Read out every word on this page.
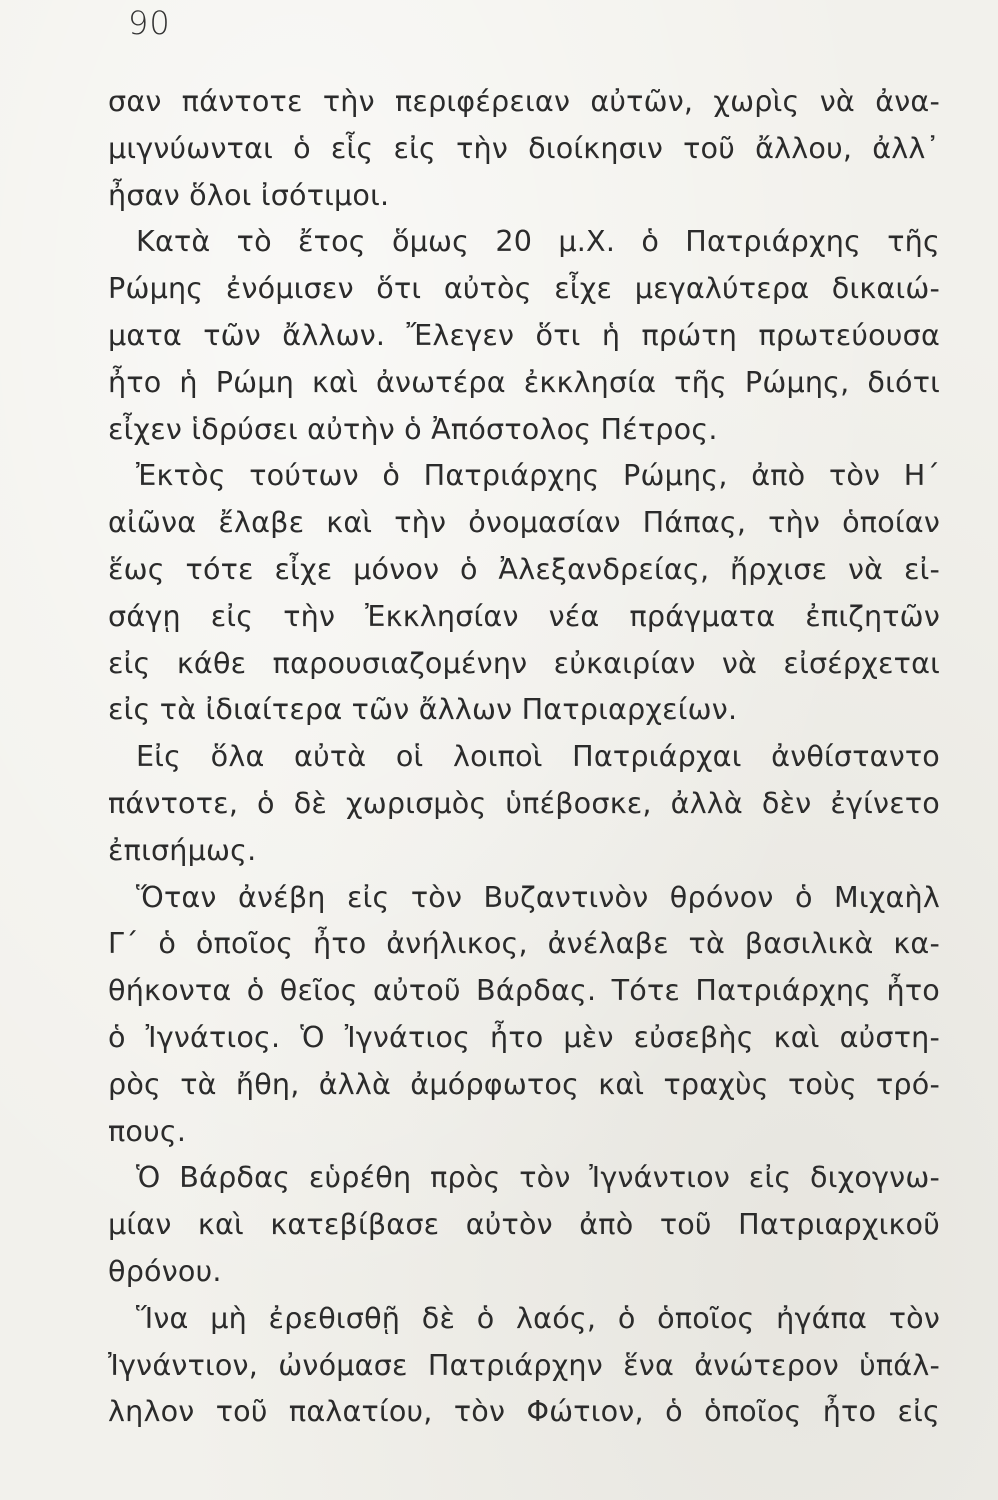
90
σαν πάντοτε τὴν περιφέρειαν αὐτῶν, χωρὶς νὰ ἀνα-
μιγνύωνται ὁ εἷς εἰς τὴν διοίκησιν τοῦ ἄλλου, ἀλλ᾽
ἦσαν ὅλοι ἰσότιμοι.
Κατὰ τὸ ἔτος ὅμως 20 μ.Χ. ὁ Πατριάρχης τῆς
Ρώμης ἐνόμισεν ὅτι αὐτὸς εἶχε μεγαλύτερα δικαιώ-
ματα τῶν ἄλλων. Ἔλεγεν ὅτι ἡ πρώτη πρωτεύουσα
ἦτο ἡ Ρώμη καὶ ἀνωτέρα ἐκκλησία τῆς Ρώμης, διότι
εἶχεν ἱδρύσει αὐτὴν ὁ Ἀπόστολος Πέτρος.
Ἐκτὸς τούτων ὁ Πατριάρχης Ρώμης, ἀπὸ τὸν Η´
αἰῶνα ἔλαβε καὶ τὴν ὀνομασίαν Πάπας, τὴν ὁποίαν
ἕως τότε εἶχε μόνον ὁ Ἀλεξανδρείας, ἤρχισε νὰ εἰ-
σάγῃ εἰς τὴν Ἐκκλησίαν νέα πράγματα ἐπιζητῶν
εἰς κάθε παρουσιαζομένην εὐκαιρίαν νὰ εἰσέρχεται
εἰς τὰ ἰδιαίτερα τῶν ἄλλων Πατριαρχείων.
Εἰς ὅλα αὐτὰ οἱ λοιποὶ Πατριάρχαι ἀνθίσταντο
πάντοτε, ὁ δὲ χωρισμὸς ὑπέβοσκε, ἀλλὰ δὲν ἐγίνετο
ἐπισήμως.
Ὅταν ἀνέβη εἰς τὸν Βυζαντινὸν θρόνον ὁ Μιχαὴλ
Γ´ ὁ ὁποῖος ἦτο ἀνήλικος, ἀνέλαβε τὰ βασιλικὰ κα-
θήκοντα ὁ θεῖος αὐτοῦ Βάρδας. Τότε Πατριάρχης ἦτο
ὁ Ἰγνάτιος. Ὁ Ἰγνάτιος ἦτο μὲν εὐσεβὴς καὶ αὐστη-
ρὸς τὰ ἤθη, ἀλλὰ ἀμόρφωτος καὶ τραχὺς τοὺς τρό-
πους.
Ὁ Βάρδας εὑρέθη πρὸς τὸν Ἰγνάντιον εἰς διχογνω-
μίαν καὶ κατεβίβασε αὐτὸν ἀπὸ τοῦ Πατριαρχικοῦ
θρόνου.
Ἵνα μὴ ἐρεθισθῇ δὲ ὁ λαός, ὁ ὁποῖος ἠγάπα τὸν
Ἰγνάντιον, ὠνόμασε Πατριάρχην ἕνα ἀνώτερον ὑπάλ-
ληλον τοῦ παλατίου, τὸν Φώτιον, ὁ ὁποῖος ἦτο εἰς
